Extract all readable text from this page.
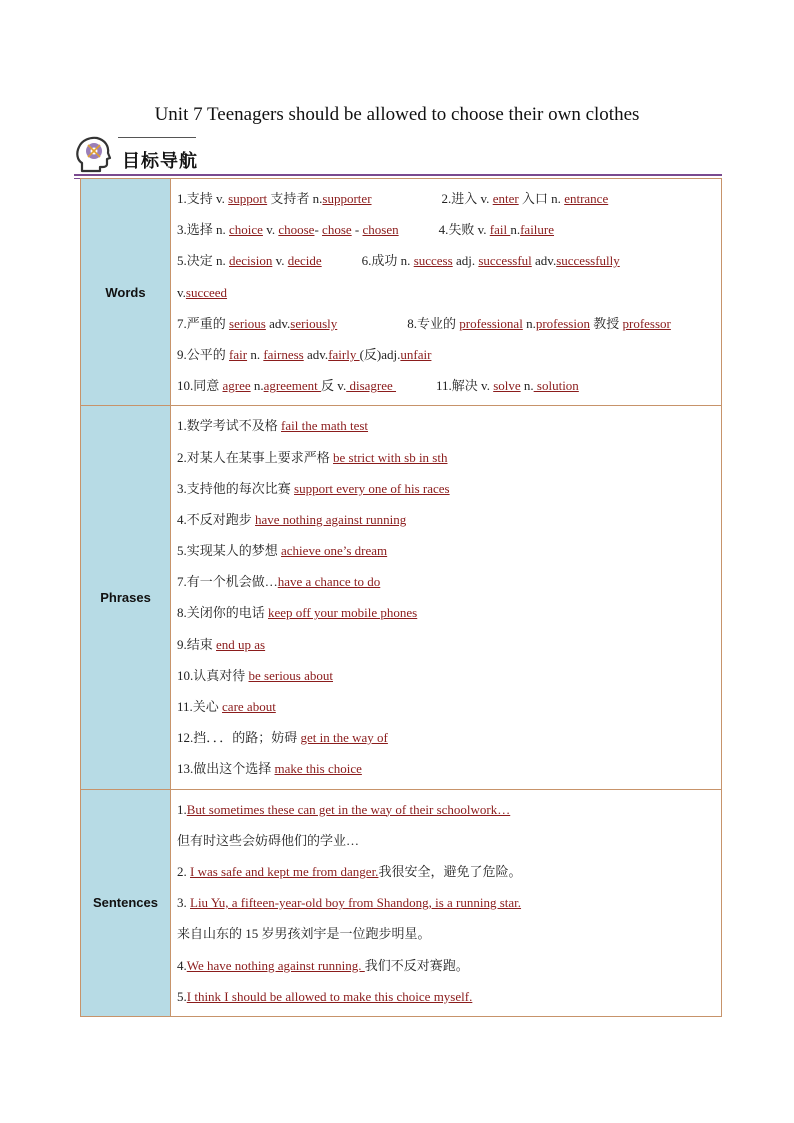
Unit 7 Teenagers should be allowed to choose their own clothes
目标导航
Words
1.支持 v. support 支持者 n.supporter	2.进入 v. enter 入口 n. entrance
3.选择 n. choice v. choose- chose - chosen	4.失败 v. fail n.failure
5.决定 n. decision v. decide	6.成功 n. success adj. successful adv.successfully
v.succeed
7.严重的 serious adv.seriously	8.专业的 professional n.profession 教授 professor
9.公平的 fair n. fairness adv.fairly (反)adj.unfair
10.同意 agree n.agreement 反 v. disagree	11.解决 v. solve n. solution
Phrases
1.数学考试不及格 fail the math test
2.对某人在某事上要求严格 be strict with sb in sth
3.支持他的每次比赛 support every one of his races
4.不反对跑步 have nothing against running
5.实现某人的梦想 achieve one’s dream
7.有一个机会做…have a chance to do
8.关闭你的电话 keep off your mobile phones
9.结束 end up as
10.认真对待 be serious about
11.关心 care about
12.挡．．．的路；妨碍 get in the way of
13.做出这个选择 make this choice
Sentences
1.But sometimes these can get in the way of their schoolwork…
但有时这些会妨碍他们的学业…
2. I was safe and kept me from danger.我很安全，避免了危险。
3. Liu Yu, a fifteen-year-old boy from Shandong, is a running star.
来自山东的 15 岁男孩刘宇是一位跑步明星。
4.We have nothing against running. 我们不反对赛跑。
5.I think I should be allowed to make this choice myself.
